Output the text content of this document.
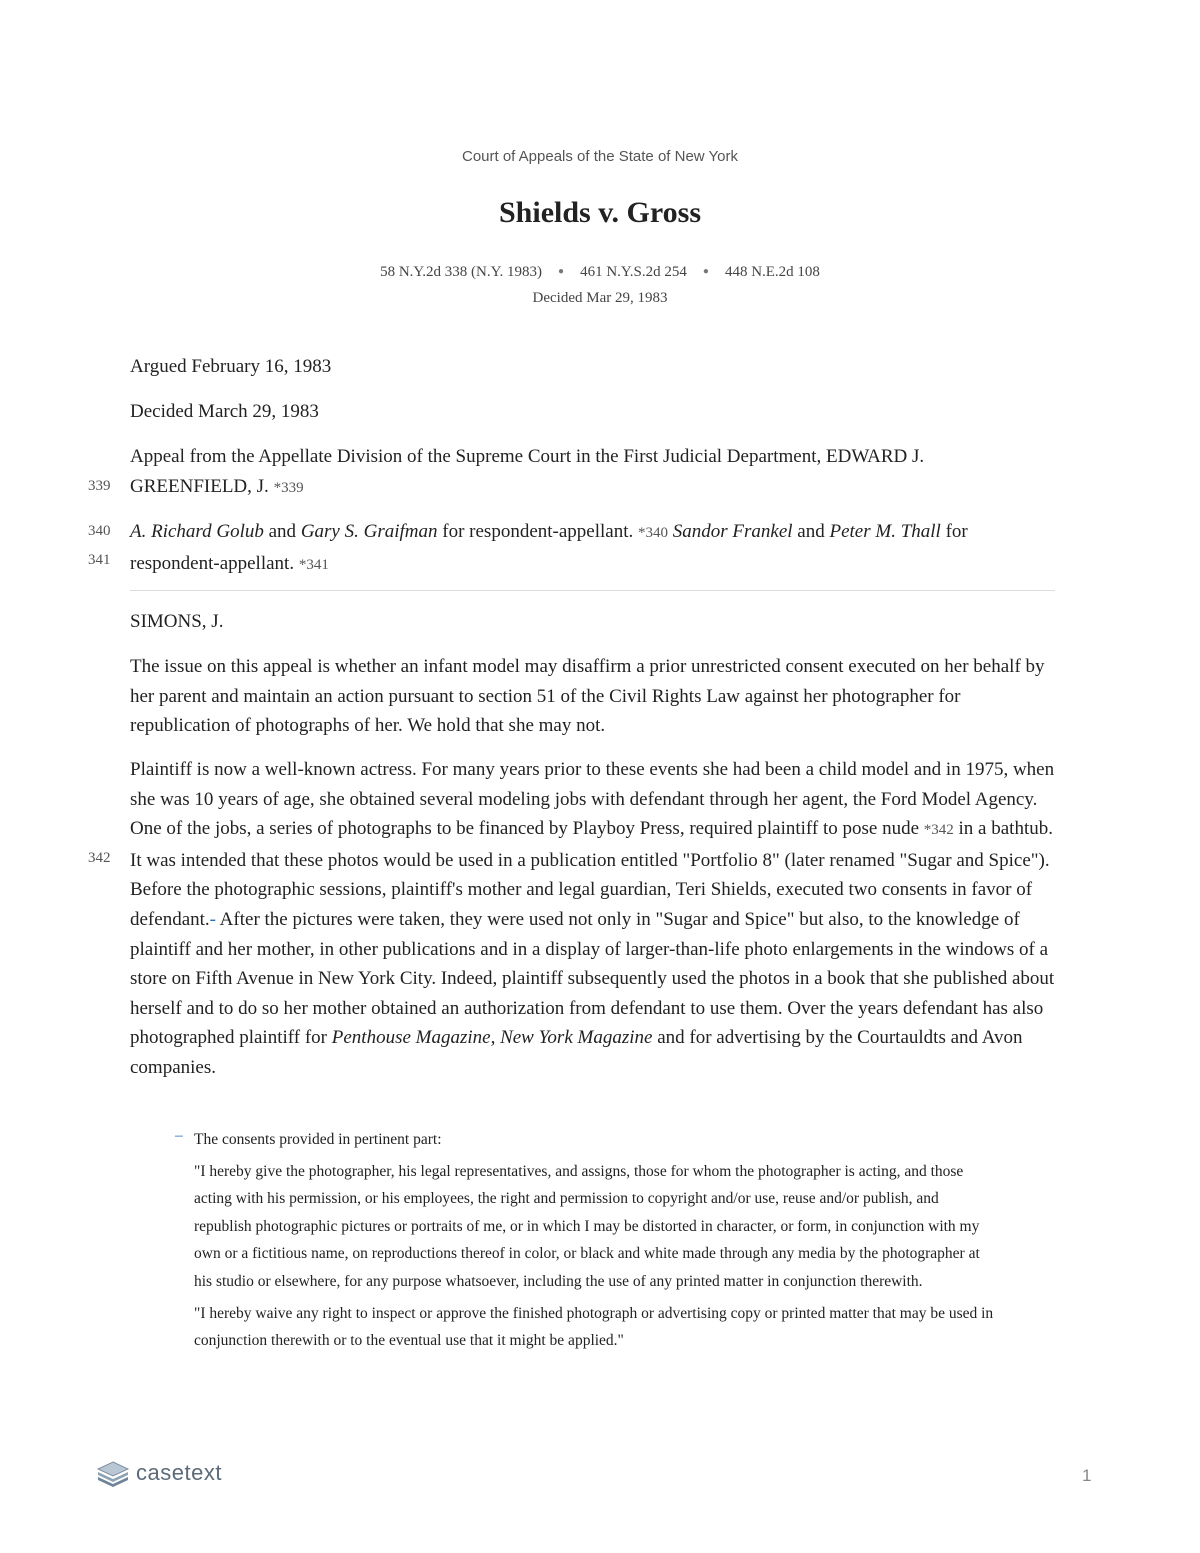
Court of Appeals of the State of New York
Shields v. Gross
58 N.Y.2d 338 (N.Y. 1983) ● 461 N.Y.S.2d 254 ● 448 N.E.2d 108
Decided Mar 29, 1983
Argued February 16, 1983
Decided March 29, 1983
Appeal from the Appellate Division of the Supreme Court in the First Judicial Department, EDWARD J.
GREENFIELD, J. *339
339
A. Richard Golub and Gary S. Graifman for respondent-appellant. *340 Sandor Frankel and Peter M. Thall for
respondent-appellant. *341
340
341
SIMONS, J.

The issue on this appeal is whether an infant model may disaffirm a prior unrestricted consent executed on her behalf by her parent and maintain an action pursuant to section 51 of the Civil Rights Law against her photographer for republication of photographs of her. We hold that she may not.

Plaintiff is now a well-known actress. For many years prior to these events she had been a child model and in 1975, when she was 10 years of age, she obtained several modeling jobs with defendant through her agent, the Ford Model Agency. One of the jobs, a series of photographs to be financed by Playboy Press, required plaintiff to pose nude *342 in a bathtub. It was intended that these photos would be used in a publication entitled "Portfolio 8" (later renamed "Sugar and Spice"). Before the photographic sessions, plaintiff's mother and legal guardian, Teri Shields, executed two consents in favor of defendant.- After the pictures were taken, they were used not only in "Sugar and Spice" but also, to the knowledge of plaintiff and her mother, in other publications and in a display of larger-than-life photo enlargements in the windows of a store on Fifth Avenue in New York City. Indeed, plaintiff subsequently used the photos in a book that she published about herself and to do so her mother obtained an authorization from defendant to use them. Over the years defendant has also photographed plaintiff for Penthouse Magazine, New York Magazine and for advertising by the Courtauldts and Avon companies.

342
– The consents provided in pertinent part:
"I hereby give the photographer, his legal representatives, and assigns, those for whom the photographer is acting, and those acting with his permission, or his employees, the right and permission to copyright and/or use, reuse and/or publish, and republish photographic pictures or portraits of me, or in which I may be distorted in character, or form, in conjunction with my own or a fictitious name, on reproductions thereof in color, or black and white made through any media by the photographer at his studio or elsewhere, for any purpose whatsoever, including the use of any printed matter in conjunction therewith.
"I hereby waive any right to inspect or approve the finished photograph or advertising copy or printed matter that may be used in conjunction therewith or to the eventual use that it might be applied."
casetext	1
